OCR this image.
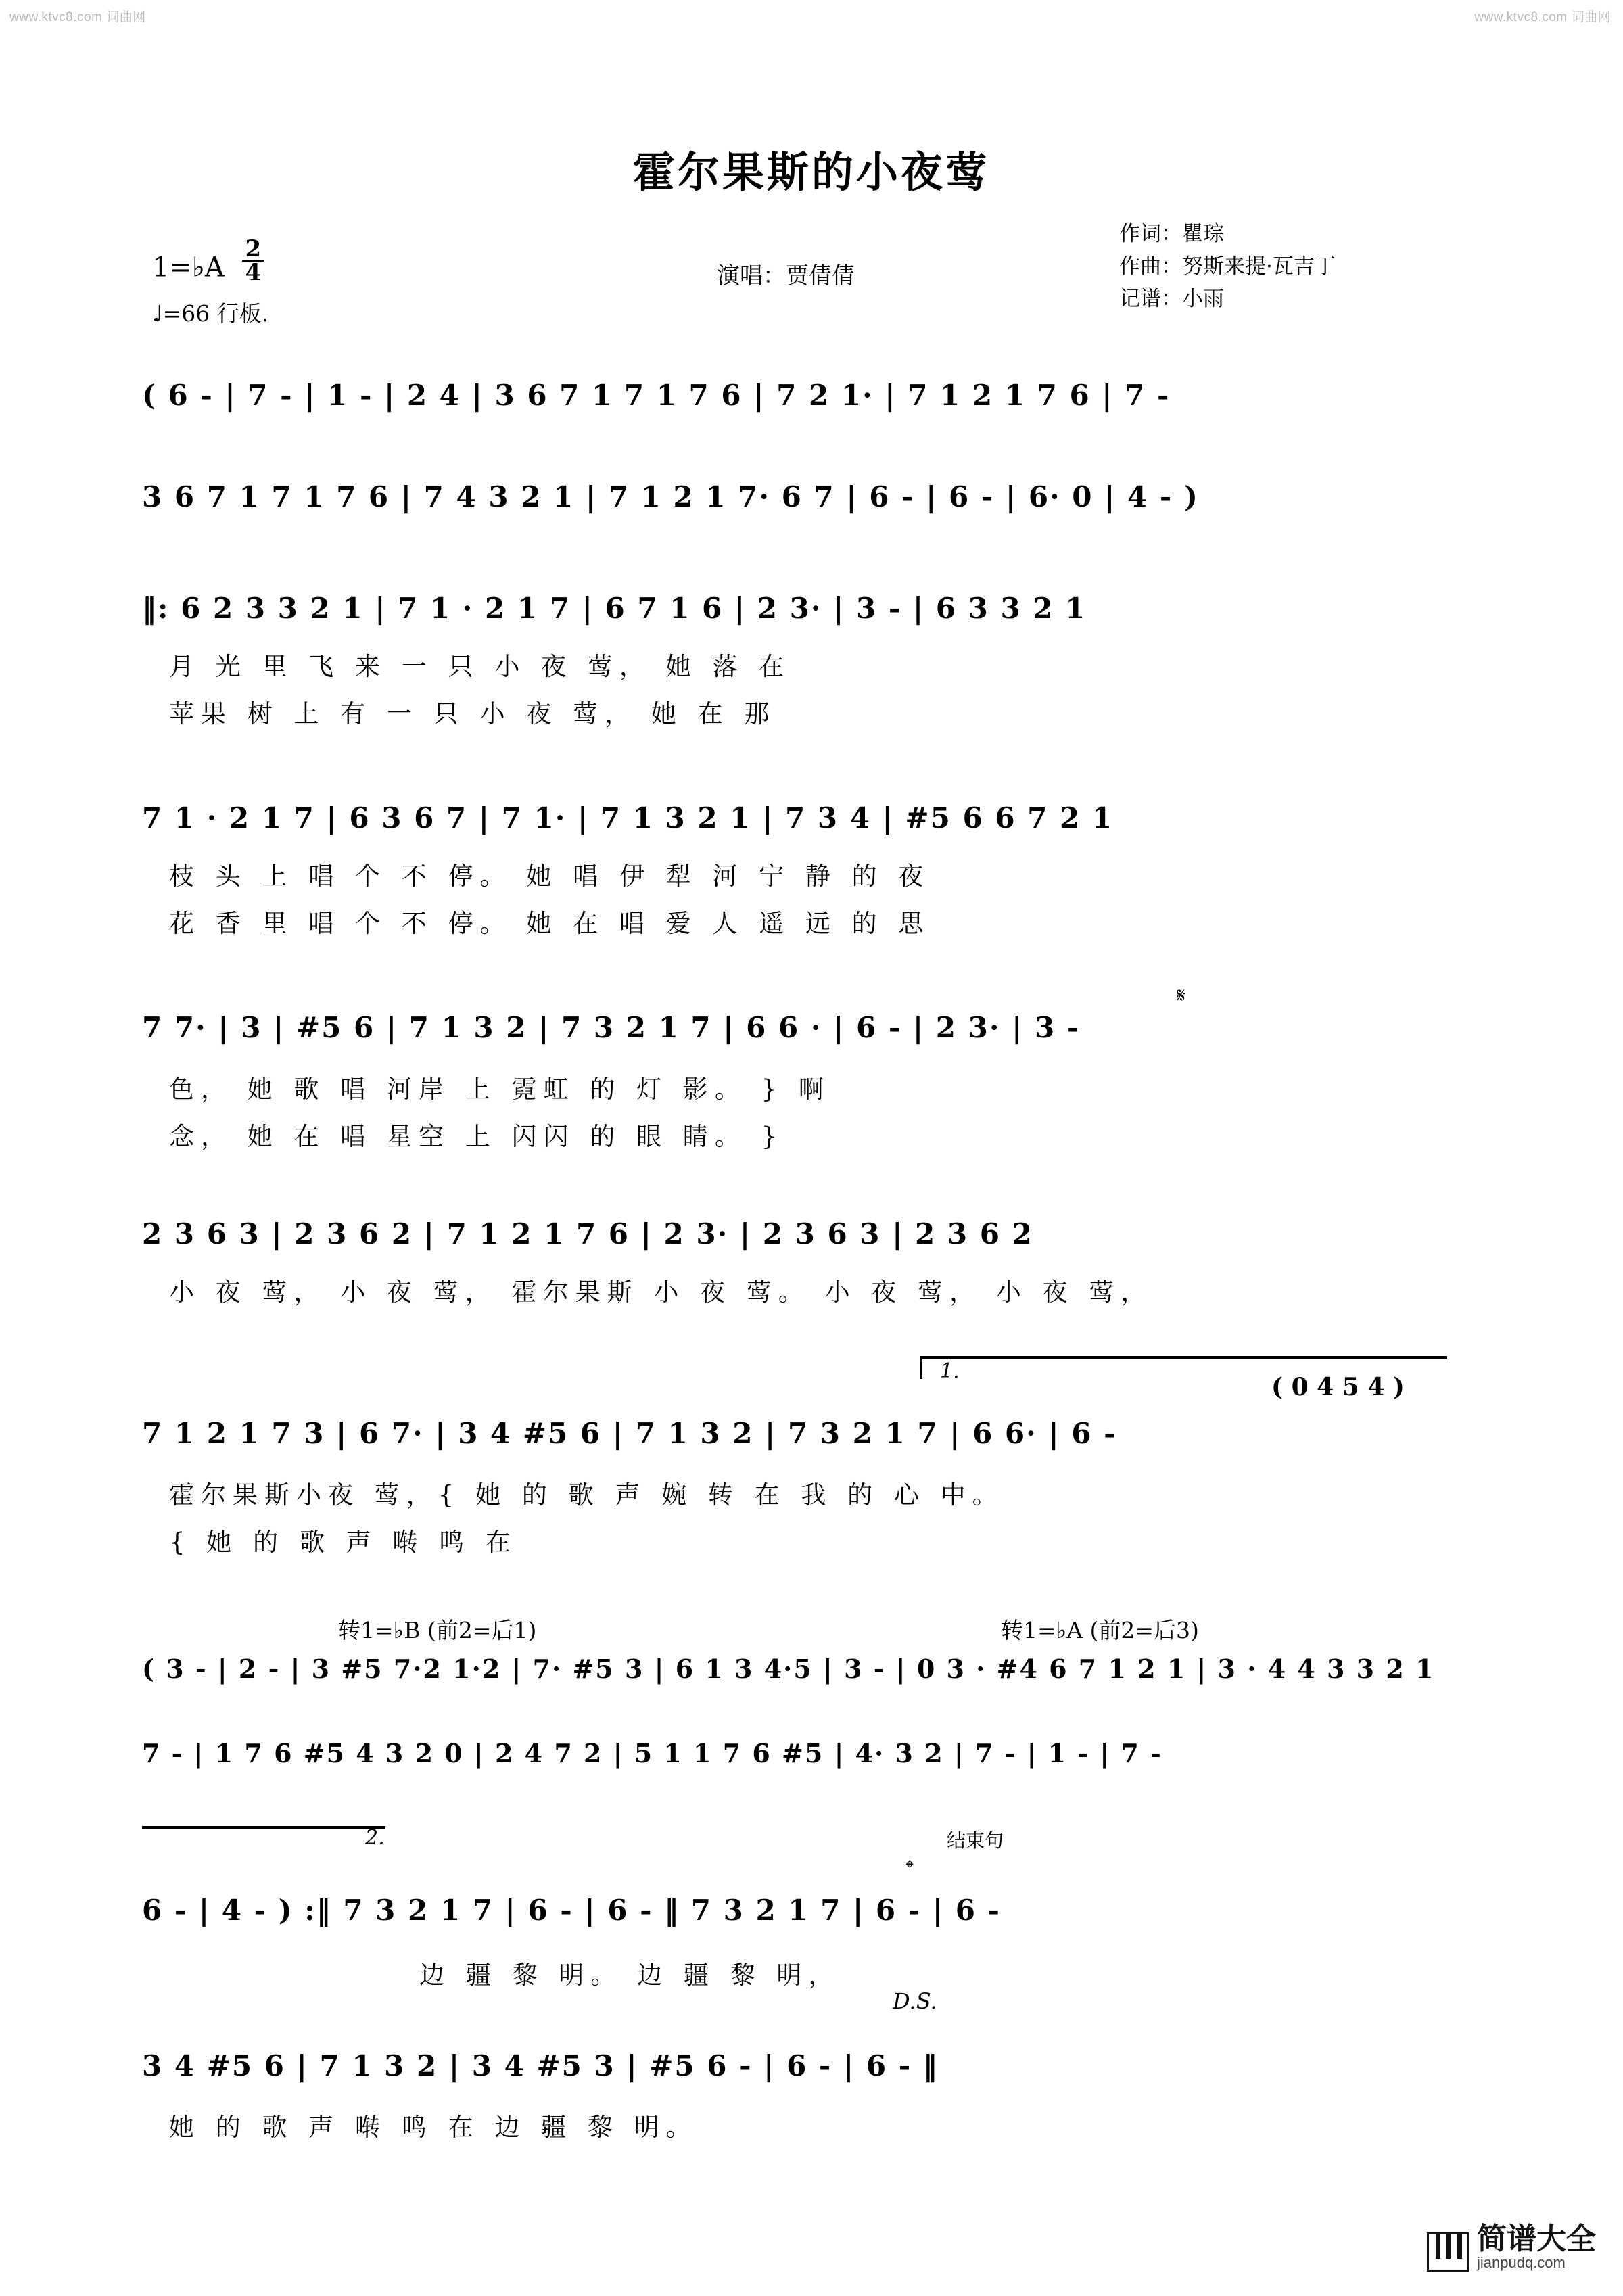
www.ktvc8.com 词曲网	www.ktvc8.com 词曲网
霍尔果斯的小夜莺
1=♭A $\frac{2}{4}$
♩=66 行板.
演唱：贾倩倩
作词：瞿琮
作曲：努斯来提·瓦吉丁
记谱：小雨
( 6 - | 7 - | 1 - | 2 4 | 3 6 7 1 7 1 7 6 | 7 2 1· | 7 1 2 1 7 6 | 7 -
3 6 7 1 7 1 7 6 | 7 4 3 2 1 | 7 1 2 1 7· 6 7 | 6 - | 6 - | 6· 0 | 4 - )
‖: 6 2 3 3 2 1 | 7 1 · 2 1 7 | 6 7 1 6 | 2 3· | 3 - | 6 3 3 2 1
月 光 里 飞 来 一 只 小 夜 莺， 她 落 在
苹果 树 上 有 一 只 小 夜 莺， 她 在 那
7 1 · 2 1 7 | 6 3 6 7 | 7 1· | 7 1 3 2 1 | 7 3 4 | #5 6 6 7 2 1
枝 头 上 唱 个 不 停。 她 唱 伊 犁 河 宁 静 的 夜
花 香 里 唱 个 不 停。 她 在 唱 爱 人 遥 远 的 思
𝄋
7 7· | 3 | #5 6 | 7 1 3 2 | 7 3 2 1 7 | 6 6 · | 6 - | 2 3· | 3 -
色， 她 歌 唱 河岸 上 霓虹 的 灯 影。 } 啊
念， 她 在 唱 星空 上 闪闪 的 眼 睛。 }
2 3 6 3 | 2 3 6 2 | 7 1 2 1 7 6 | 2 3· | 2 3 6 3 | 2 3 6 2
小 夜 莺， 小 夜 莺， 霍尔果斯 小 夜 莺。 小 夜 莺， 小 夜 莺，
1.
( 0 4 5 4 )
7 1 2 1 7 3 | 6 7· | 3 4 #5 6 | 7 1 3 2 | 7 3 2 1 7 | 6 6· | 6 -
霍尔果斯小夜 莺，{ 她 的 歌 声 婉 转 在 我 的 心 中。
{ 她 的 歌 声 啭 鸣 在
转1=♭B (前2=后1)	转1=♭A (前2=后3)
( 3 - | 2 - | 3 #5 7·2 1·2 | 7· #5 3 | 6 1 3 4·5 | 3 - | 0 3 · #4 6 7 1 2 1 | 3 · 4 4 3 3 2 1
7 - | 1 7 6 #5 4 3 2 0 | 2 4 7 2 | 5 1 1 7 6 #5 | 4· 3 2 | 7 - | 1 - | 7 -
2.	结束句
𝄌
D.S.
6 - | 4 - ) :‖ 7 3 2 1 7 | 6 - | 6 - ‖ 7 3 2 1 7 | 6 - | 6 -
边 疆 黎 明。 边 疆 黎 明，
3 4 #5 6 | 7 1 3 2 | 3 4 #5 3 | #5 6 - | 6 - | 6 - ‖
她 的 歌 声 啭 鸣 在 边 疆 黎 明。
简谱大全
jianpudq.com
